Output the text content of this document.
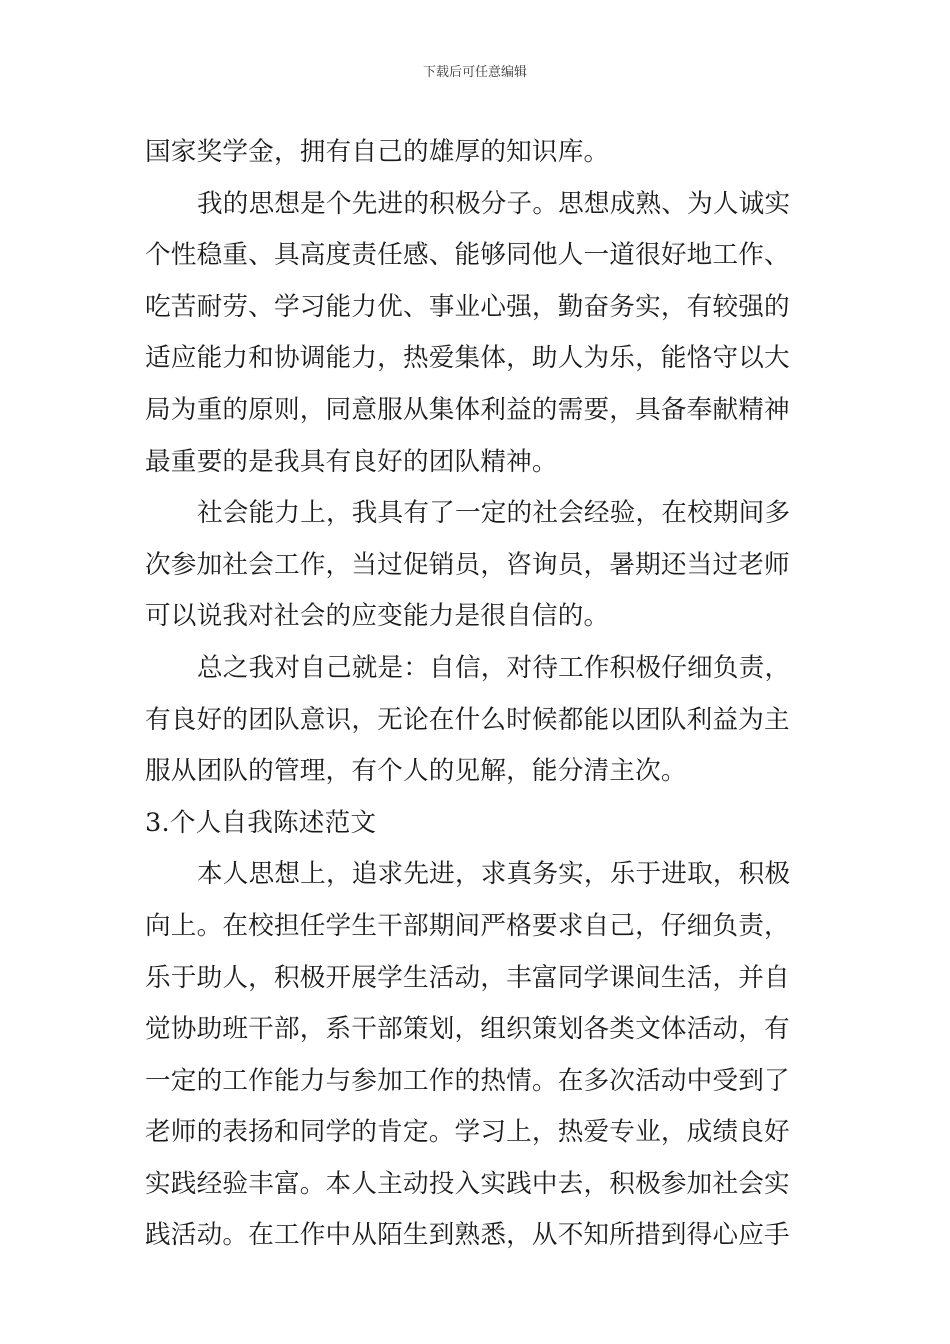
下载后可任意编辑
国家奖学金，拥有自己的雄厚的知识库。
我的思想是个先进的积极分子。思想成熟、为人诚实
个性稳重、具高度责任感、能够同他人一道很好地工作、
吃苦耐劳、学习能力优、事业心强，勤奋务实，有较强的
适应能力和协调能力，热爱集体，助人为乐，能恪守以大
局为重的原则，同意服从集体利益的需要，具备奉献精神
最重要的是我具有良好的团队精神。
社会能力上，我具有了一定的社会经验，在校期间多
次参加社会工作，当过促销员，咨询员，暑期还当过老师
可以说我对社会的应变能力是很自信的。
总之我对自己就是：自信，对待工作积极仔细负责，
有良好的团队意识，无论在什么时候都能以团队利益为主
服从团队的管理，有个人的见解，能分清主次。
3.个人自我陈述范文
本人思想上，追求先进，求真务实，乐于进取，积极
向上。在校担任学生干部期间严格要求自己，仔细负责，
乐于助人，积极开展学生活动，丰富同学课间生活，并自
觉协助班干部，系干部策划，组织策划各类文体活动，有
一定的工作能力与参加工作的热情。在多次活动中受到了
老师的表扬和同学的肯定。学习上，热爱专业，成绩良好
实践经验丰富。本人主动投入实践中去，积极参加社会实
践活动。在工作中从陌生到熟悉，从不知所措到得心应手
